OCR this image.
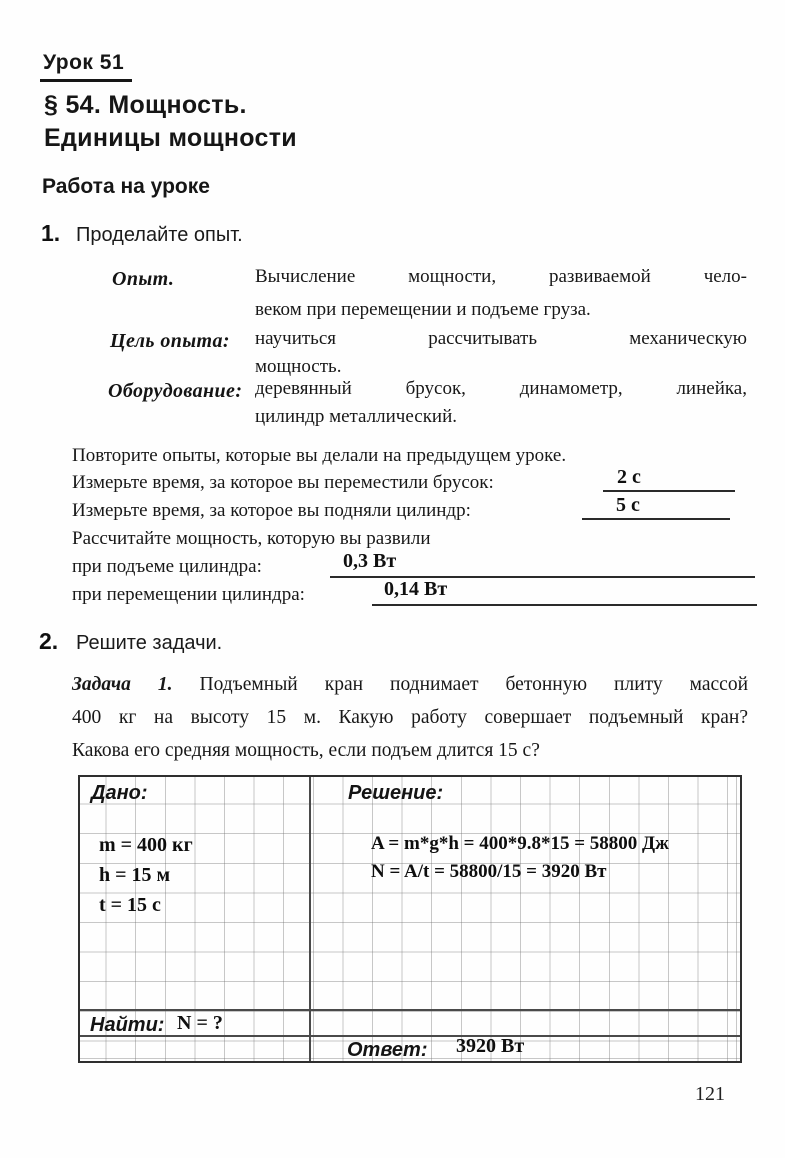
Урок 51
§ 54. Мощность.
Единицы мощности
Работа на уроке
1. Проделайте опыт.
Опыт.	Вычисление мощности, развиваемой чело-
веком при перемещении и подъеме груза.
Цель опыта: научиться рассчитывать механическую
мощность.
Оборудование: деревянный брусок, динамометр, линейка,
цилиндр металлический.
Повторите опыты, которые вы делали на предыдущем уроке.
Измерьте время, за которое вы переместили брусок:	2 с
Измерьте время, за которое вы подняли цилиндр:	5 с
Рассчитайте мощность, которую вы развили
при подъеме цилиндра:	0,3 Вт
при перемещении цилиндра:	0,14 Вт
2. Решите задачи.
Задача 1. Подъемный кран поднимает бетонную плиту массой
400 кг на высоту 15 м. Какую работу совершает подъемный кран?
Какова его средняя мощность, если подъем длится 15 с?
Дано:
m = 400 кг
h = 15 м
t = 15 с
Решение:
A = m*g*h = 400*9.8*15 = 58800 Дж
N = A/t = 58800/15 = 3920 Вт
Найти: N = ?
Ответ: 3920 Вт
121
